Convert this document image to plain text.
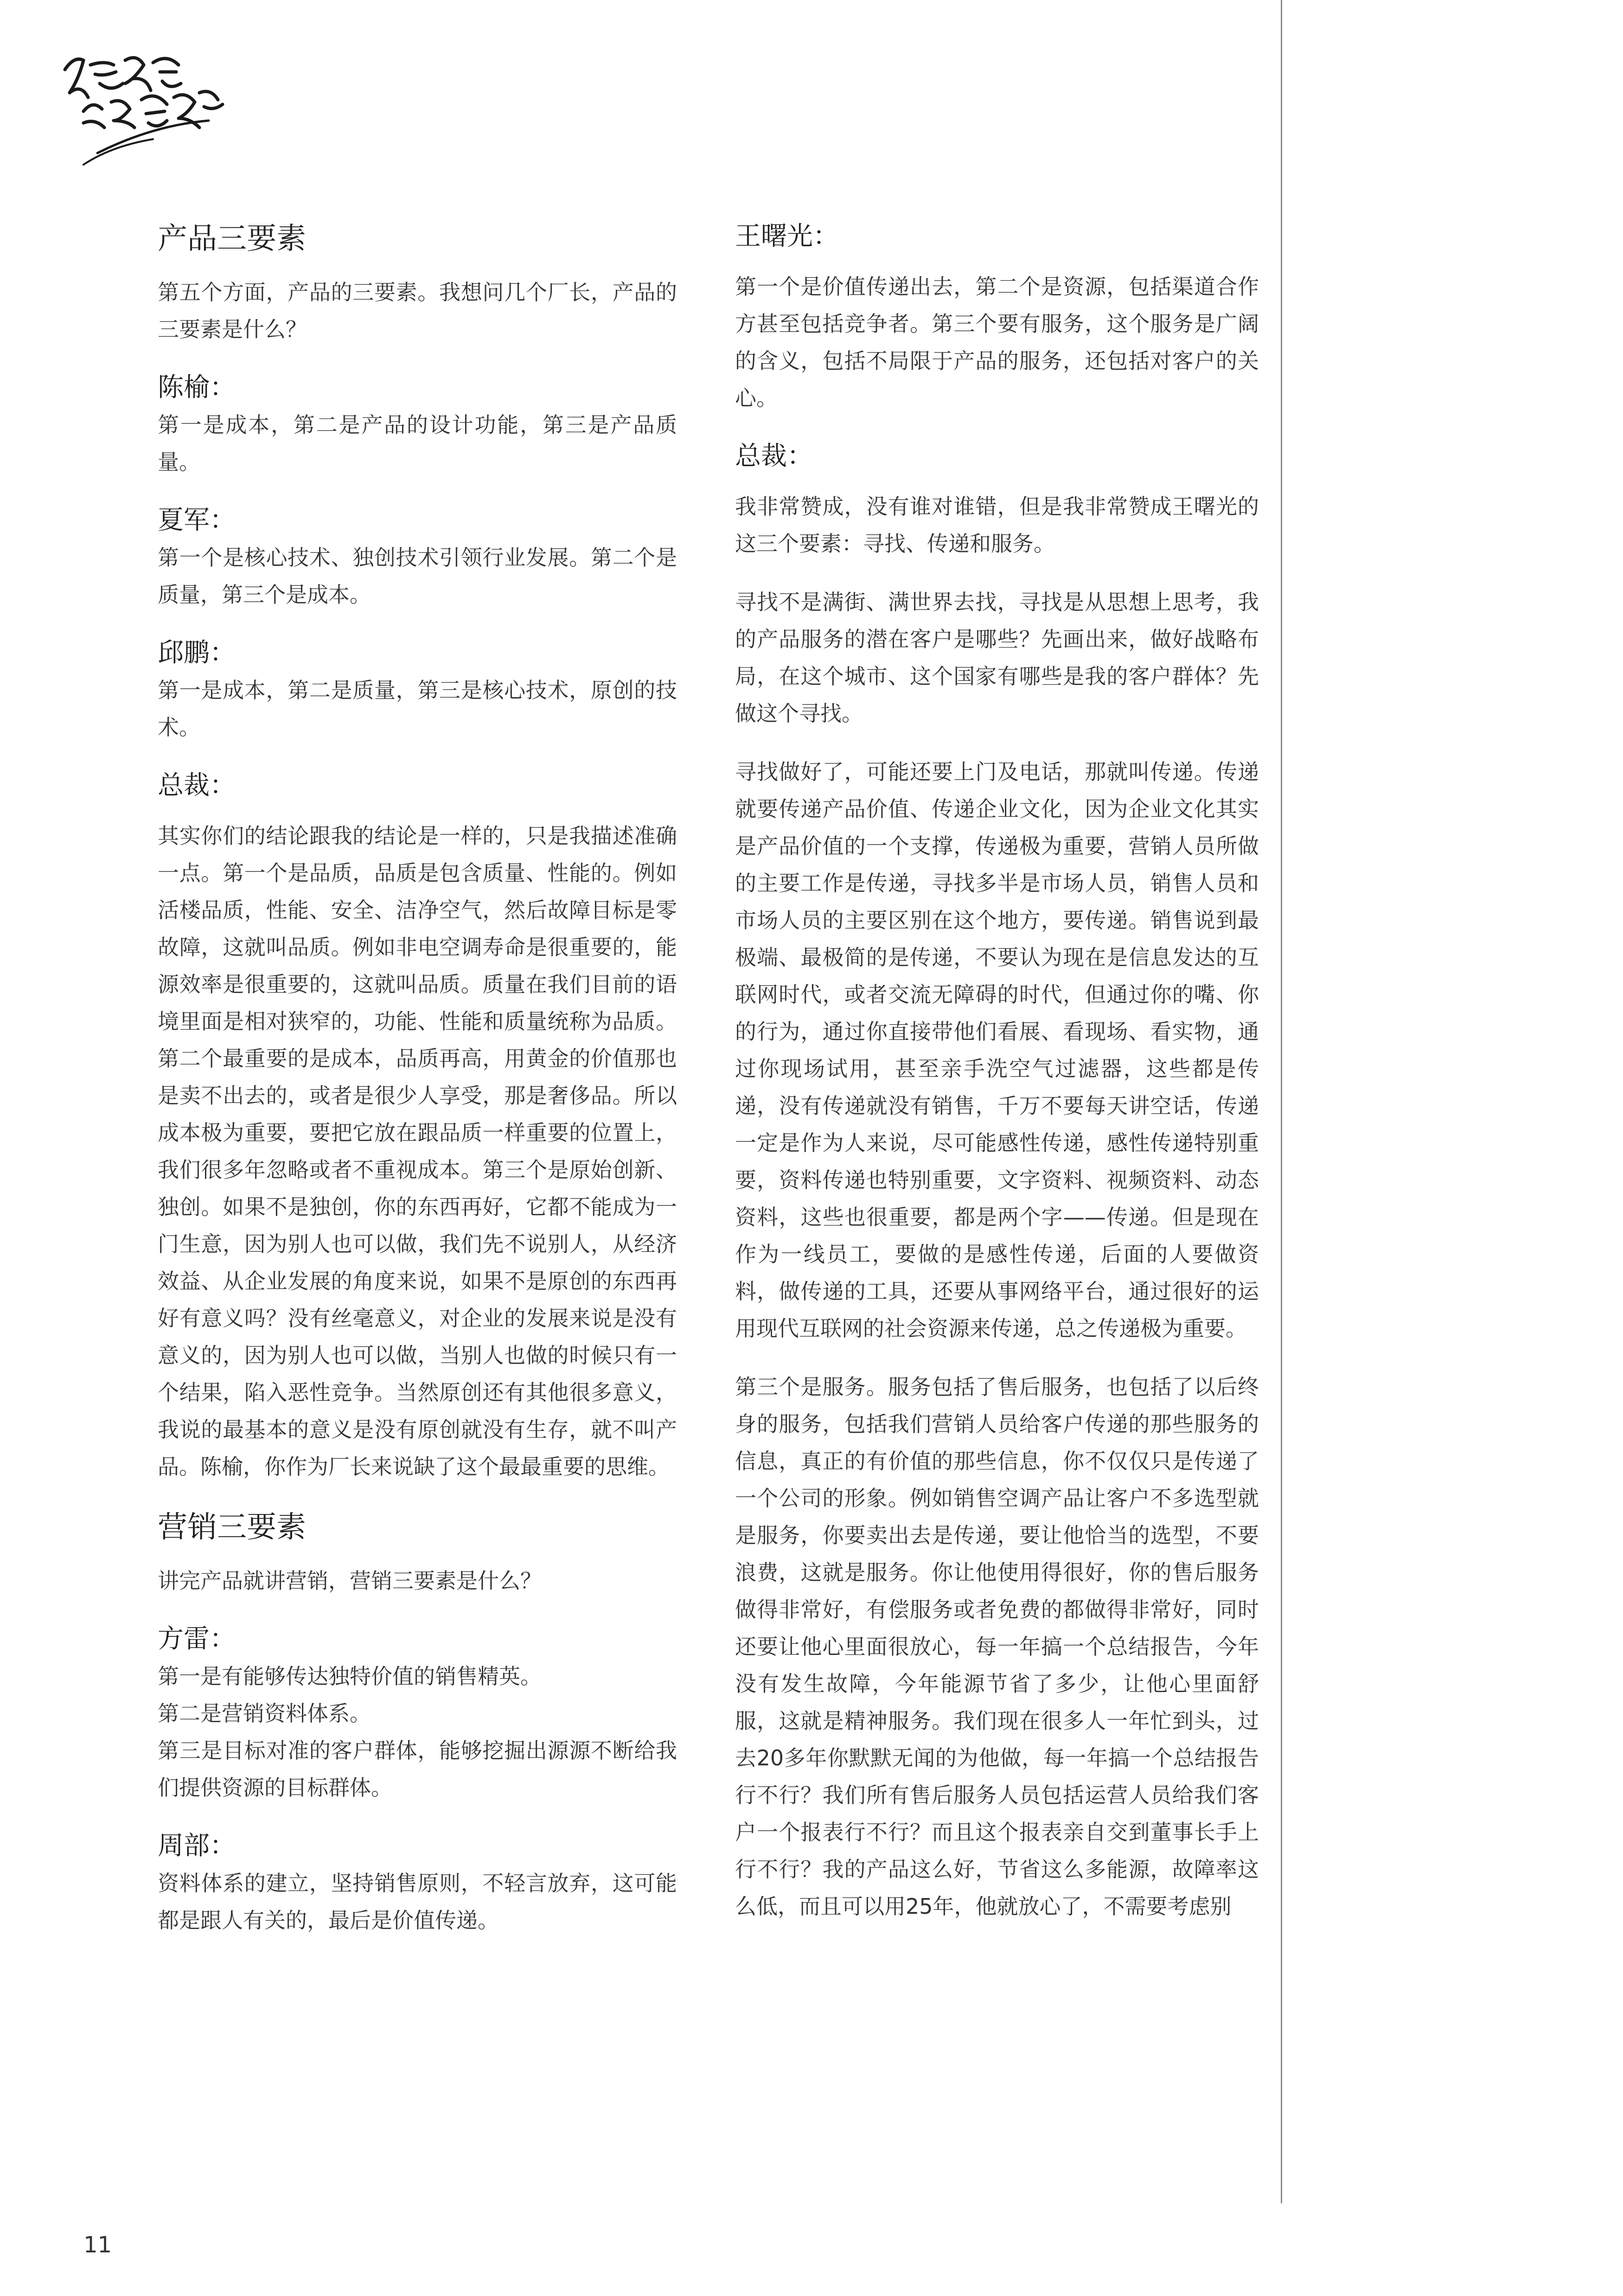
产品三要素

第五个方面，产品的三要素。我想问几个厂长，产品的三要素是什么？

陈榆：

第一是成本，第二是产品的设计功能，第三是产品质量。

夏军：

第一个是核心技术、独创技术引领行业发展。第二个是质量，第三个是成本。

邱鹏：

第一是成本，第二是质量，第三是核心技术，原创的技术。

总裁：

其实你们的结论跟我的结论是一样的，只是我描述准确一点。第一个是品质，品质是包含质量、性能的。例如活楼品质，性能、安全、洁净空气，然后故障目标是零故障，这就叫品质。例如非电空调寿命是很重要的，能源效率是很重要的，这就叫品质。质量在我们目前的语境里面是相对狭窄的，功能、性能和质量统称为品质。第二个最重要的是成本，品质再高，用黄金的价值那也是卖不出去的，或者是很少人享受，那是奢侈品。所以成本极为重要，要把它放在跟品质一样重要的位置上，我们很多年忽略或者不重视成本。第三个是原始创新、独创。如果不是独创，你的东西再好，它都不能成为一门生意，因为别人也可以做，我们先不说别人，从经济效益、从企业发展的角度来说，如果不是原创的东西再好有意义吗？没有丝毫意义，对企业的发展来说是没有意义的，因为别人也可以做，当别人也做的时候只有一个结果，陷入恶性竞争。当然原创还有其他很多意义，我说的最基本的意义是没有原创就没有生存，就不叫产品。陈榆，你作为厂长来说缺了这个最最重要的思维。

营销三要素

讲完产品就讲营销，营销三要素是什么？

方雷：

第一是有能够传达独特价值的销售精英。
第二是营销资料体系。
第三是目标对准的客户群体，能够挖掘出源源不断给我们提供资源的目标群体。

周部：

资料体系的建立，坚持销售原则，不轻言放弃，这可能都是跟人有关的，最后是价值传递。

王曙光：

第一个是价值传递出去，第二个是资源，包括渠道合作方甚至包括竞争者。第三个要有服务，这个服务是广阔的含义，包括不局限于产品的服务，还包括对客户的关心。

总裁：

我非常赞成，没有谁对谁错，但是我非常赞成王曙光的这三个要素：寻找、传递和服务。

寻找不是满街、满世界去找，寻找是从思想上思考，我的产品服务的潜在客户是哪些？先画出来，做好战略布局，在这个城市、这个国家有哪些是我的客户群体？先做这个寻找。

寻找做好了，可能还要上门及电话，那就叫传递。传递就要传递产品价值、传递企业文化，因为企业文化其实是产品价值的一个支撑，传递极为重要，营销人员所做的主要工作是传递，寻找多半是市场人员，销售人员和市场人员的主要区别在这个地方，要传递。销售说到最极端、最极简的是传递，不要认为现在是信息发达的互联网时代，或者交流无障碍的时代，但通过你的嘴、你的行为，通过你直接带他们看展、看现场、看实物，通过你现场试用，甚至亲手洗空气过滤器，这些都是传递，没有传递就没有销售，千万不要每天讲空话，传递一定是作为人来说，尽可能感性传递，感性传递特别重要，资料传递也特别重要，文字资料、视频资料、动态资料，这些也很重要，都是两个字——传递。但是现在作为一线员工，要做的是感性传递，后面的人要做资料，做传递的工具，还要从事网络平台，通过很好的运用现代互联网的社会资源来传递，总之传递极为重要。

第三个是服务。服务包括了售后服务，也包括了以后终身的服务，包括我们营销人员给客户传递的那些服务的信息，真正的有价值的那些信息，你不仅仅只是传递了一个公司的形象。例如销售空调产品让客户不多选型就是服务，你要卖出去是传递，要让他恰当的选型，不要浪费，这就是服务。你让他使用得很好，你的售后服务做得非常好，有偿服务或者免费的都做得非常好，同时还要让他心里面很放心，每一年搞一个总结报告，今年没有发生故障，今年能源节省了多少，让他心里面舒服，这就是精神服务。我们现在很多人一年忙到头，过去20多年你默默无闻的为他做，每一年搞一个总结报告行不行？我们所有售后服务人员包括运营人员给我们客户一个报表行不行？而且这个报表亲自交到董事长手上行不行？我的产品这么好，节省这么多能源，故障率这么低，而且可以用25年，他就放心了，不需要考虑别

11
